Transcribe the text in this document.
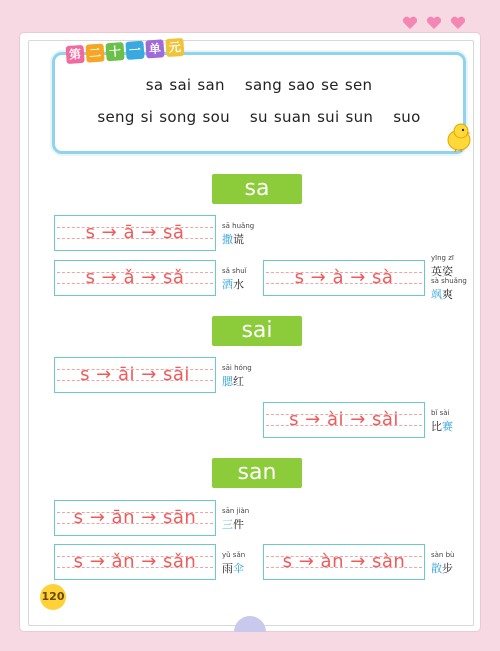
第 二 十 一 单 元
sa sai san sang sao se sen
seng si song sou su suan sui sun suo
sa
sai
san
s → ā → sā	sā huǎng
撒谎
s → ǎ → sǎ	sǎ shuǐ
洒水	s → à → sà
yīng zī
英姿
sà shuǎng
飒爽
s → āi → sāi	sāi hóng
腮红
s → ài → sài	bǐ sài
比赛
s → ān → sān	sān jiàn
三件
s → ǎn → sǎn	yǔ sǎn
雨伞	s → àn → sàn	sàn bù
散步
120
